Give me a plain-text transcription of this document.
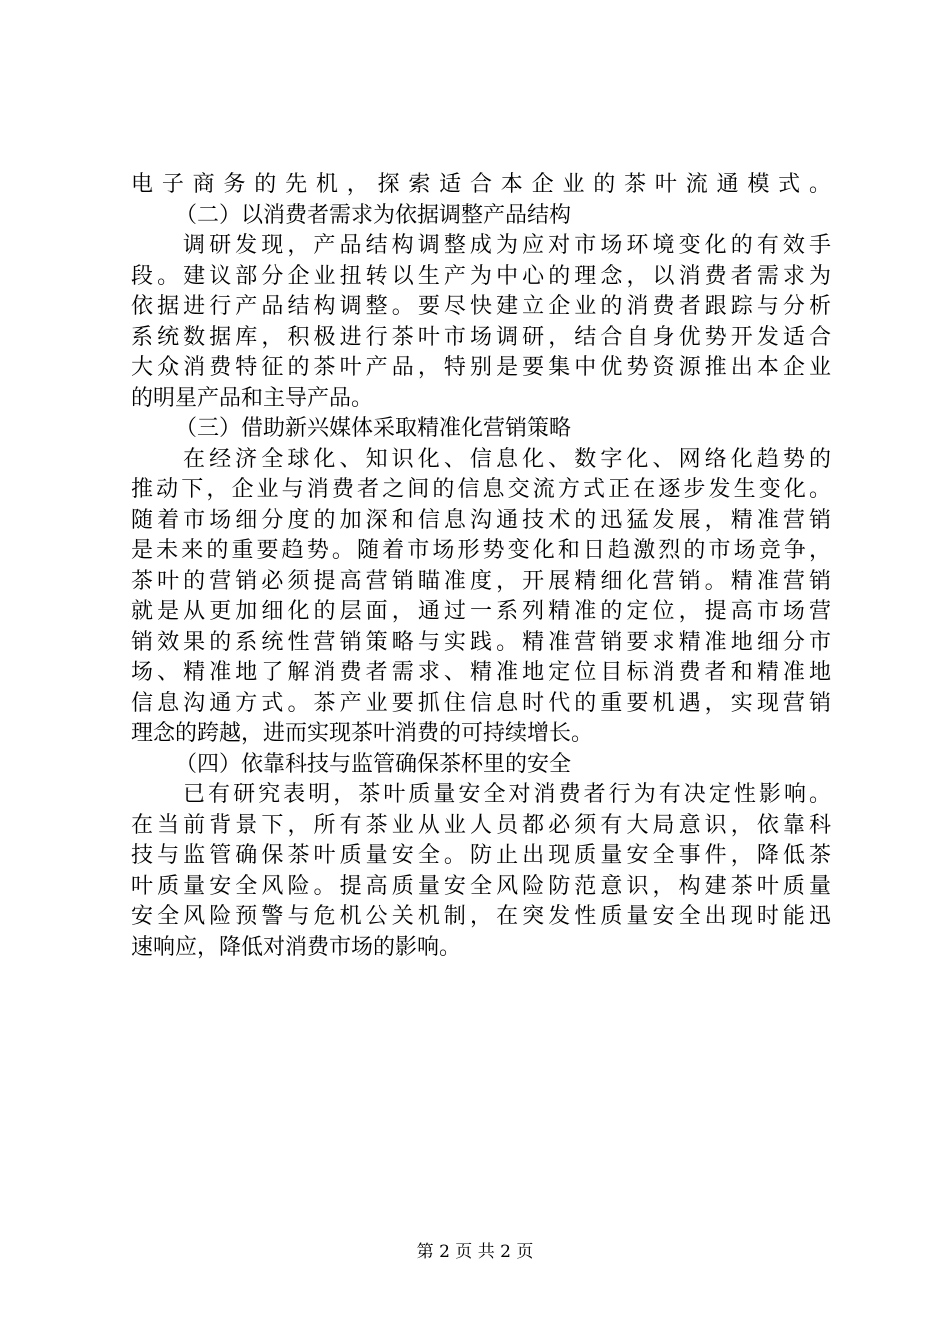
电子商务的先机，探索适合本企业的茶叶流通模式。
（二）以消费者需求为依据调整产品结构
调研发现，产品结构调整成为应对市场环境变化的有效手
段。建议部分企业扭转以生产为中心的理念，以消费者需求为
依据进行产品结构调整。要尽快建立企业的消费者跟踪与分析
系统数据库，积极进行茶叶市场调研，结合自身优势开发适合
大众消费特征的茶叶产品，特别是要集中优势资源推出本企业
的明星产品和主导产品。
（三）借助新兴媒体采取精准化营销策略
在经济全球化、知识化、信息化、数字化、网络化趋势的
推动下，企业与消费者之间的信息交流方式正在逐步发生变化。
随着市场细分度的加深和信息沟通技术的迅猛发展，精准营销
是未来的重要趋势。随着市场形势变化和日趋激烈的市场竞争，
茶叶的营销必须提高营销瞄准度，开展精细化营销。精准营销
就是从更加细化的层面，通过一系列精准的定位，提高市场营
销效果的系统性营销策略与实践。精准营销要求精准地细分市
场、精准地了解消费者需求、精准地定位目标消费者和精准地
信息沟通方式。茶产业要抓住信息时代的重要机遇，实现营销
理念的跨越，进而实现茶叶消费的可持续增长。
（四）依靠科技与监管确保茶杯里的安全
已有研究表明，茶叶质量安全对消费者行为有决定性影响。
在当前背景下，所有茶业从业人员都必须有大局意识，依靠科
技与监管确保茶叶质量安全。防止出现质量安全事件，降低茶
叶质量安全风险。提高质量安全风险防范意识，构建茶叶质量
安全风险预警与危机公关机制，在突发性质量安全出现时能迅
速响应，降低对消费市场的影响。
第 2 页 共 2 页
